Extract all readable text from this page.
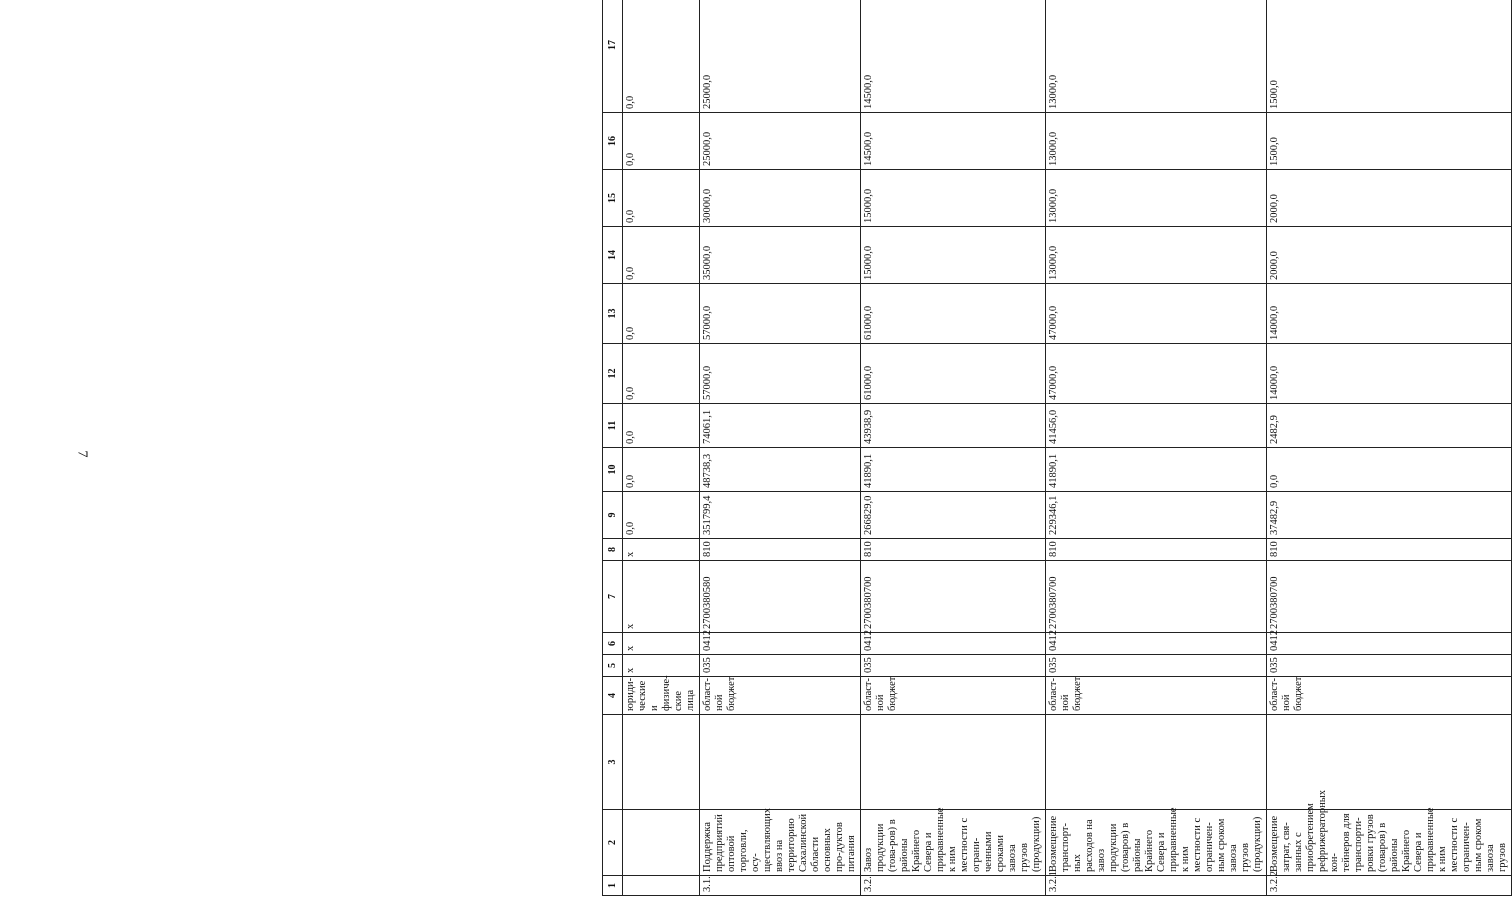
7
1	2	3	4	5	6	7	8	9	10	11	12	13	14	15	16	17
			юриди-ческие и физиче-ские лица	х	х	х	х	0,0	0,0	0,0	0,0	0,0	0,0	0,0	0,0	0,0
3.1.	Поддержка предприятий оптовой торговли, осу-ществляющих ввоз на территорию Сахалинской области основных про-дуктов питания		област-ной бюджет	035	0412	2700380580	810	351799,4	48738,3	74061,1	57000,0	57000,0	35000,0	30000,0	25000,0	25000,0
3.2.	Завоз продукции (това-ров) в районы Крайнего Севера и приравненные к ним местности с ограни-ченными сроками завоза грузов (продукции)		област-ной бюджет	035	0412	2700380700	810	266829,0	41890,1	43938,9	61000,0	61000,0	15000,0	15000,0	14500,0	14500,0
3.2.1	Возмещение транспорт-ных расходов на завоз продукции (товаров) в районы Крайнего Севера и приравненные к ним местности с ограничен-ным сроком завоза грузов (продукции)		област-ной бюджет	035	0412	2700380700	810	229346,1	41890,1	41456,0	47000,0	47000,0	13000,0	13000,0	13000,0	13000,0
3.2.2	Возмещение затрат, свя-занных с приобретением рефрижераторных кон-тейнеров для транспорти-ровки грузов (товаров) в районы Крайнего Севера и приравненные к ним местности с ограничен-ным сроком завоза грузов		област-ной бюджет	035	0412	2700380700	810	37482,9	0,0	2482,9	14000,0	14000,0	2000,0	2000,0	1500,0	1500,0
